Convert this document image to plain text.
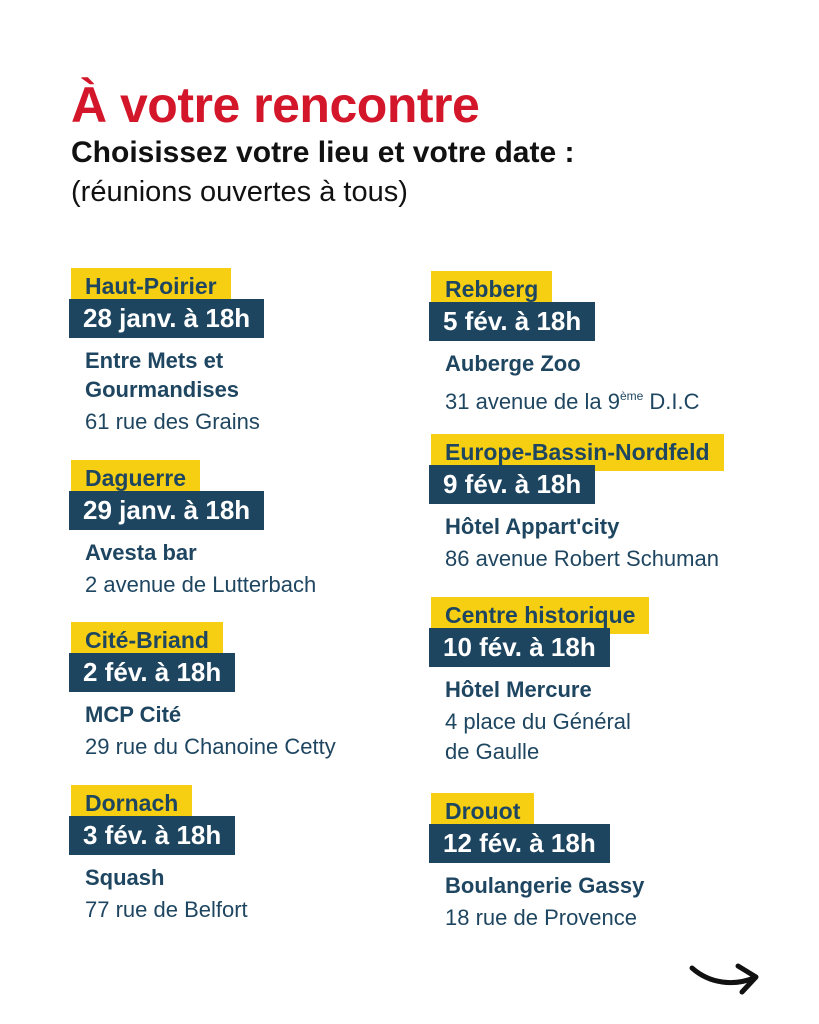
À votre rencontre
Choisissez votre lieu et votre date :
(réunions ouvertes à tous)
Haut-Poirier
28 janv. à 18h
Entre Mets et
Gourmandises
61 rue des Grains
Daguerre
29 janv. à 18h
Avesta bar
2 avenue de Lutterbach
Cité-Briand
2 fév. à 18h
MCP Cité
29 rue du Chanoine Cetty
Dornach
3 fév. à 18h
Squash
77 rue de Belfort
Rebberg
5 fév. à 18h
Auberge Zoo
31 avenue de la 9ème D.I.C
Europe-Bassin-Nordfeld
9 fév. à 18h
Hôtel Appart'city
86 avenue Robert Schuman
Centre historique
10 fév. à 18h
Hôtel Mercure
4 place du Général
de Gaulle
Drouot
12 fév. à 18h
Boulangerie Gassy
18 rue de Provence
